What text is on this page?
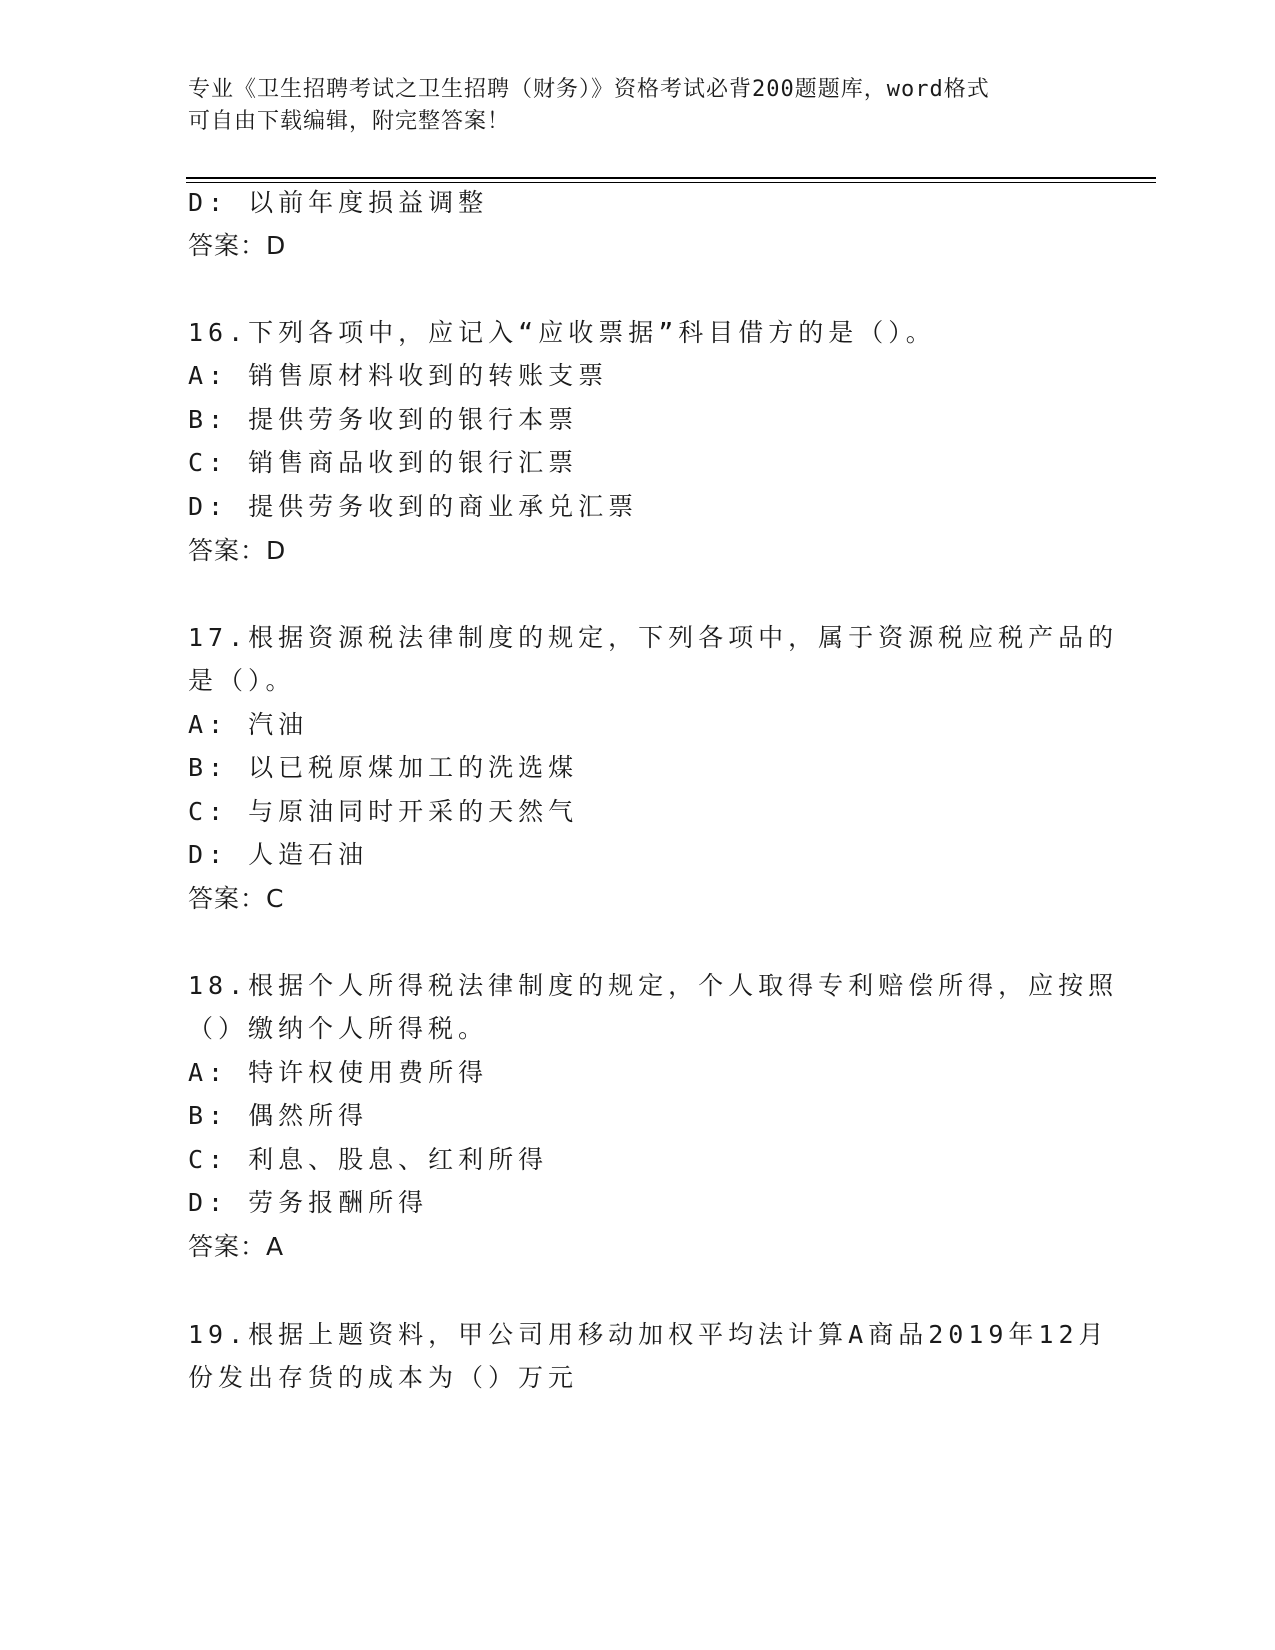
专业《卫生招聘考试之卫生招聘（财务）》资格考试必背200题题库，word格式
可自由下载编辑，附完整答案！

D: 以前年度损益调整

答案：D

16.下列各项中，应记入“应收票据”科目借方的是（）。

A: 销售原材料收到的转账支票

B: 提供劳务收到的银行本票

C: 销售商品收到的银行汇票

D: 提供劳务收到的商业承兑汇票

答案：D

17.根据资源税法律制度的规定，下列各项中，属于资源税应税产品的

是（）。

A: 汽油

B: 以已税原煤加工的洗选煤

C: 与原油同时开采的天然气

D: 人造石油

答案：C

18.根据个人所得税法律制度的规定，个人取得专利赔偿所得，应按照

（）缴纳个人所得税。

A: 特许权使用费所得

B: 偶然所得

C: 利息、股息、红利所得

D: 劳务报酬所得

答案：A

19.根据上题资料，甲公司用移动加权平均法计算A商品2019年12月

份发出存货的成本为（）万元
